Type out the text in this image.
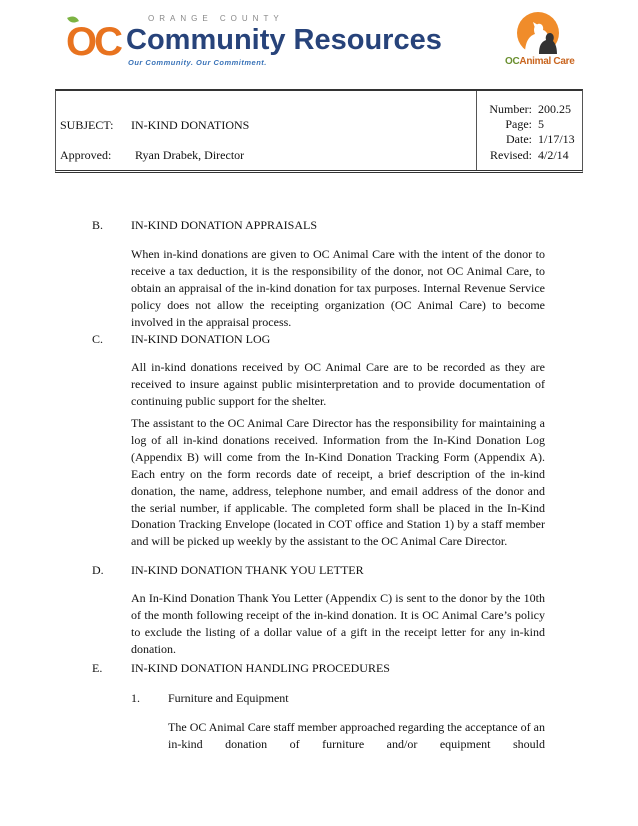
OC
ORANGE COUNTY
Community Resources
Our Community. Our Commitment.	OCAnimal Care
SUBJECT: IN-KIND DONATIONS
Approved: Ryan Drabek, Director
Number: 200.25
Page: 5
Date: 1/17/13
Revised: 4/2/14
B. IN-KIND DONATION APPRAISALS
When in-kind donations are given to OC Animal Care with the intent of the donor to receive a tax deduction, it is the responsibility of the donor, not OC Animal Care, to obtain an appraisal of the in-kind donation for tax purposes. Internal Revenue Service policy does not allow the receipting organization (OC Animal Care) to become involved in the appraisal process.
C. IN-KIND DONATION LOG
All in-kind donations received by OC Animal Care are to be recorded as they are received to insure against public misinterpretation and to provide documentation of continuing public support for the shelter.
The assistant to the OC Animal Care Director has the responsibility for maintaining a log of all in-kind donations received. Information from the In-Kind Donation Log (Appendix B) will come from the In-Kind Donation Tracking Form (Appendix A). Each entry on the form records date of receipt, a brief description of the in-kind donation, the name, address, telephone number, and email address of the donor and the serial number, if applicable. The completed form shall be placed in the In-Kind Donation Tracking Envelope (located in COT office and Station 1) by a staff member and will be picked up weekly by the assistant to the OC Animal Care Director.
D. IN-KIND DONATION THANK YOU LETTER
An In-Kind Donation Thank You Letter (Appendix C) is sent to the donor by the 10th of the month following receipt of the in-kind donation. It is OC Animal Care’s policy to exclude the listing of a dollar value of a gift in the receipt letter for any in-kind donation.
E. IN-KIND DONATION HANDLING PROCEDURES
1. Furniture and Equipment
The OC Animal Care staff member approached regarding the acceptance of an in-kind donation of furniture and/or equipment should
